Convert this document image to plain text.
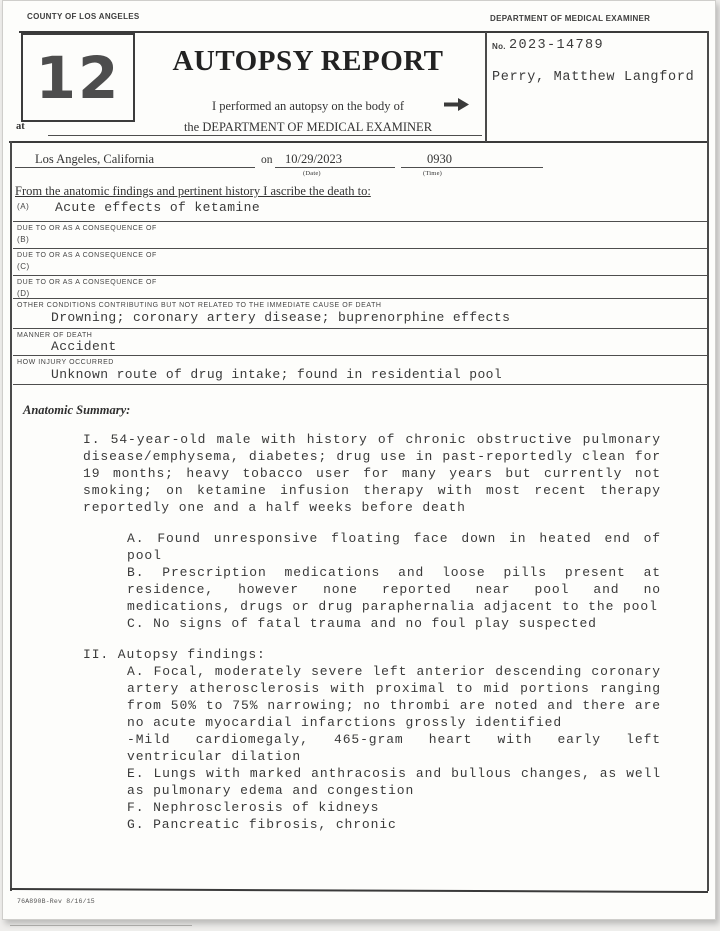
COUNTY OF LOS ANGELES	DEPARTMENT OF MEDICAL EXAMINER
12	AUTOPSY REPORT
I performed an autopsy on the body of
at	the DEPARTMENT OF MEDICAL EXAMINER
No. 2023-14789
Perry, Matthew Langford
Los Angeles, California	on 10/29/2023
(Date)
0930
(Time)
From the anatomic findings and pertinent history I ascribe the death to:
(A) Acute effects of ketamine
DUE TO OR AS A CONSEQUENCE OF
(B)
DUE TO OR AS A CONSEQUENCE OF
(C)
DUE TO OR AS A CONSEQUENCE OF
(D)
OTHER CONDITIONS CONTRIBUTING BUT NOT RELATED TO THE IMMEDIATE CAUSE OF DEATH
Drowning; coronary artery disease; buprenorphine effects
MANNER OF DEATH
Accident
HOW INJURY OCCURRED
Unknown route of drug intake; found in residential pool
Anatomic Summary:

I. 54-year-old male with history of chronic obstructive pulmonary disease/emphysema, diabetes; drug use in past-reportedly clean for 19 months; heavy tobacco user for many years but currently not smoking; on ketamine infusion therapy with most recent therapy reportedly one and a half weeks before death

A. Found unresponsive floating face down in heated end of pool

B. Prescription medications and loose pills present at residence, however none reported near pool and no medications, drugs or drug paraphernalia adjacent to the pool

C. No signs of fatal trauma and no foul play suspected

II. Autopsy findings:

A. Focal, moderately severe left anterior descending coronary artery atherosclerosis with proximal to mid portions ranging from 50% to 75% narrowing; no thrombi are noted and there are no acute myocardial infarctions grossly identified

-Mild cardiomegaly, 465-gram heart with early left ventricular dilation

E. Lungs with marked anthracosis and bullous changes, as well as pulmonary edema and congestion

F. Nephrosclerosis of kidneys

G. Pancreatic fibrosis, chronic

76A890B-Rev 8/16/15
